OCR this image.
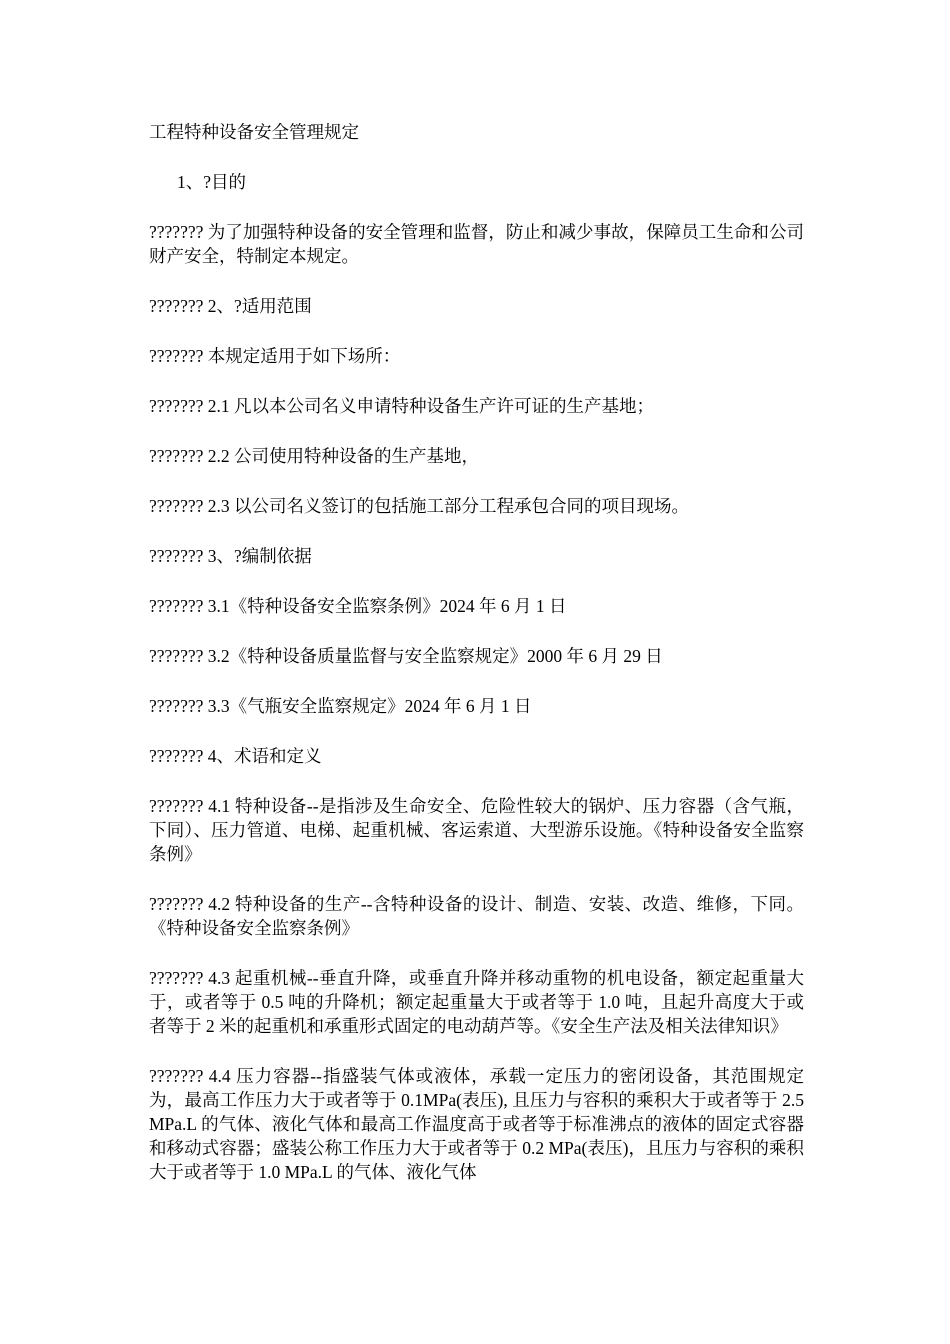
工程特种设备安全管理规定

1、?目的

??????? 为了加强特种设备的安全管理和监督，防止和减少事故，保障员工生命和公司财产安全，特制定本规定。

??????? 2、?适用范围

??????? 本规定适用于如下场所：

??????? 2.1 凡以本公司名义申请特种设备生产许可证的生产基地；

??????? 2.2 公司使用特种设备的生产基地，

??????? 2.3 以公司名义签订的包括施工部分工程承包合同的项目现场。

??????? 3、?编制依据

??????? 3.1《特种设备安全监察条例》2024 年 6 月 1 日

??????? 3.2《特种设备质量监督与安全监察规定》2000 年 6 月 29 日

??????? 3.3《气瓶安全监察规定》2024 年 6 月 1 日

??????? 4、术语和定义

??????? 4.1 特种设备--是指涉及生命安全、危险性较大的锅炉、压力容器（含气瓶，下同）、压力管道、电梯、起重机械、客运索道、大型游乐设施。《特种设备安全监察条例》

??????? 4.2 特种设备的生产--含特种设备的设计、制造、安装、改造、维修，下同。《特种设备安全监察条例》

??????? 4.3 起重机械--垂直升降，或垂直升降并移动重物的机电设备，额定起重量大于，或者等于 0.5 吨的升降机；额定起重量大于或者等于 1.0 吨，且起升高度大于或者等于 2 米的起重机和承重形式固定的电动葫芦等。《安全生产法及相关法律知识》

??????? 4.4 压力容器--指盛装气体或液体，承载一定压力的密闭设备，其范围规定为，最高工作压力大于或者等于 0.1MPa(表压), 且压力与容积的乘积大于或者等于 2.5 MPa.L 的气体、液化气体和最高工作温度高于或者等于标准沸点的液体的固定式容器和移动式容器；盛装公称工作压力大于或者等于 0.2 MPa(表压)，且压力与容积的乘积大于或者等于 1.0 MPa.L 的气体、液化气体
